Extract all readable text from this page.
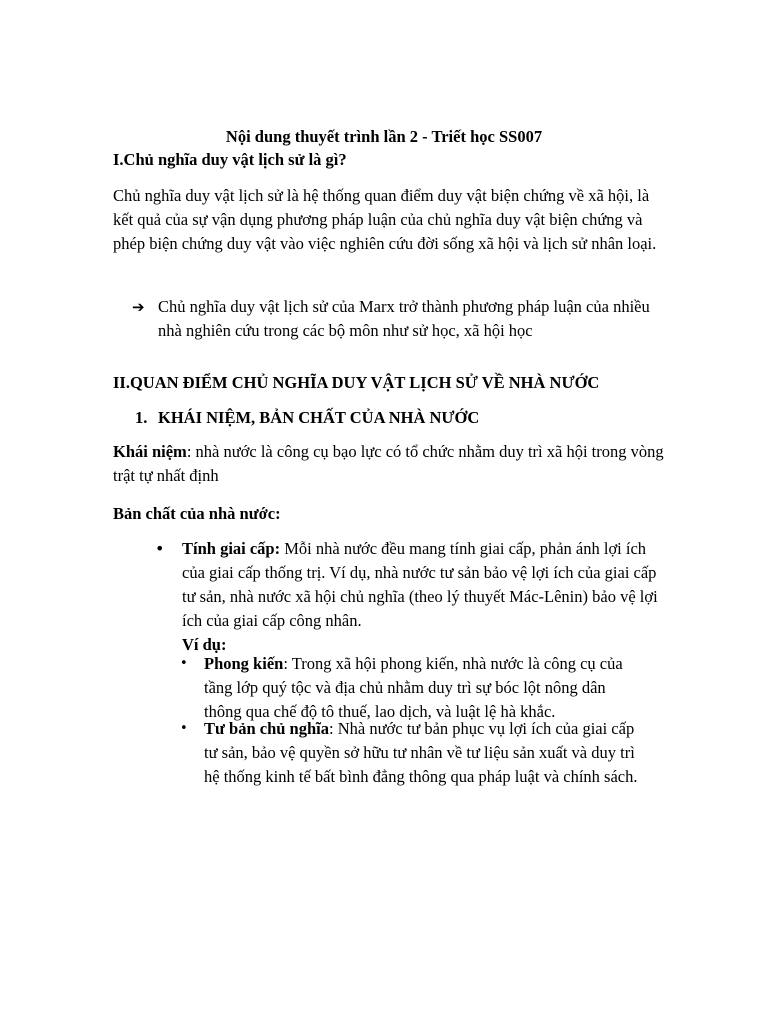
Nội dung thuyết trình lần 2 - Triết học SS007

I.Chủ nghĩa duy vật lịch sử là gì?

Chủ nghĩa duy vật lịch sử là hệ thống quan điểm duy vật biện chứng về xã hội, là kết quả của sự vận dụng phương pháp luận của chủ nghĩa duy vật biện chứng và phép biện chứng duy vật vào việc nghiên cứu đời sống xã hội và lịch sử nhân loại.

➔ Chủ nghĩa duy vật lịch sử của Marx trở thành phương pháp luận của nhiều nhà nghiên cứu trong các bộ môn như sử học, xã hội học

II.QUAN ĐIỂM CHỦ NGHĨA DUY VẬT LỊCH SỬ VỀ NHÀ NƯỚC

1. KHÁI NIỆM, BẢN CHẤT CỦA NHÀ NƯỚC

Khái niệm: nhà nước là công cụ bạo lực có tổ chức nhằm duy trì xã hội trong vòng trật tự nhất định

Bản chất của nhà nước:

• Tính giai cấp: Mỗi nhà nước đều mang tính giai cấp, phản ánh lợi ích của giai cấp thống trị. Ví dụ, nhà nước tư sản bảo vệ lợi ích của giai cấp tư sản, nhà nước xã hội chủ nghĩa (theo lý thuyết Mác-Lênin) bảo vệ lợi ích của giai cấp công nhân.
Ví dụ:
• Phong kiến: Trong xã hội phong kiến, nhà nước là công cụ của tầng lớp quý tộc và địa chủ nhằm duy trì sự bóc lột nông dân thông qua chế độ tô thuế, lao dịch, và luật lệ hà khắc.
• Tư bản chủ nghĩa: Nhà nước tư bản phục vụ lợi ích của giai cấp tư sản, bảo vệ quyền sở hữu tư nhân về tư liệu sản xuất và duy trì hệ thống kinh tế bất bình đẳng thông qua pháp luật và chính sách.
